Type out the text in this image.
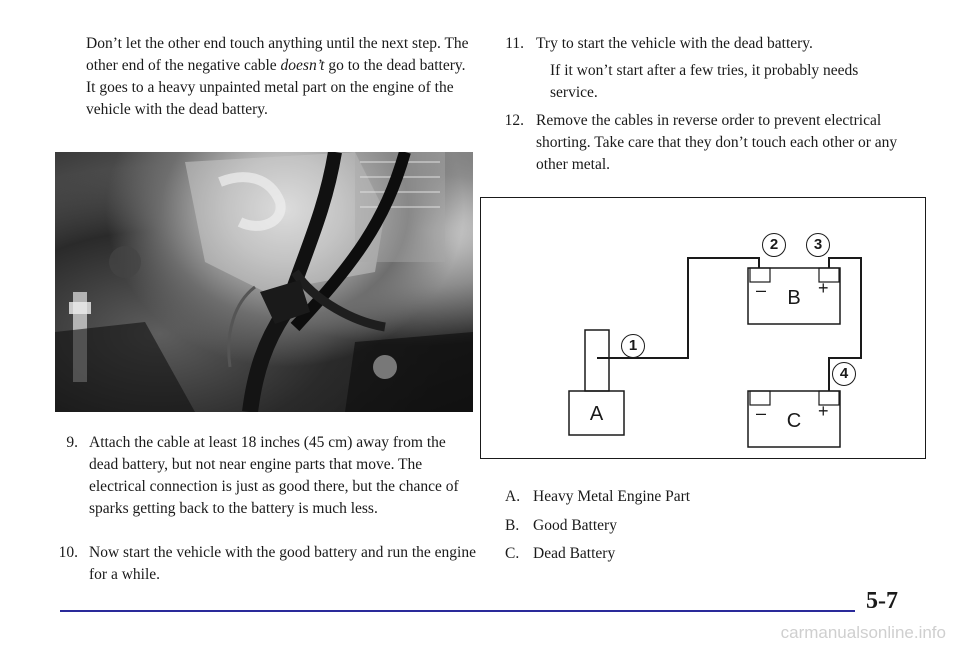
Don’t let the other end touch anything until the next step. The other end of the negative cable doesn’t go to the dead battery. It goes to a heavy unpainted metal part on the engine of the vehicle with the dead battery.
9. Attach the cable at least 18 inches (45 cm) away from the dead battery, but not near engine parts that move. The electrical connection is just as good there, but the chance of sparks getting back to the battery is much less.
10. Now start the vehicle with the good battery and run the engine for a while.
11. Try to start the vehicle with the dead battery.
If it won’t start after a few tries, it probably needs service.
12. Remove the cables in reverse order to prevent electrical shorting. Take care that they don’t touch each other or any other metal.
2	3
1
4
A
B
C
–	+
–	+
A. Heavy Metal Engine Part
B. Good Battery
C. Dead Battery
5-7
carmanualsonline.info
